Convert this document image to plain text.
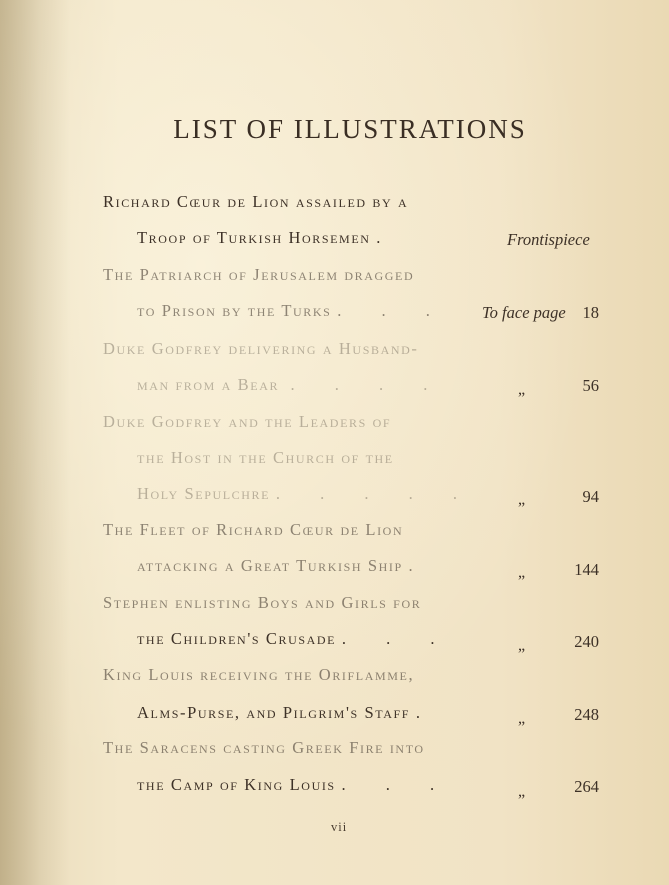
LIST OF ILLUSTRATIONS
Richard Cœur de Lion assailed by a
Troop of Turkish Horsemen .	Frontispiece
The Patriarch of Jerusalem dragged
to Prison by the Turks . . . To face page 18
Duke Godfrey delivering a Husband-
man from a Bear . . . .	„	56
Duke Godfrey and the Leaders of
the Host in the Church of the
Holy Sepulchre . . . . .	„	94
The Fleet of Richard Cœur de Lion
attacking a Great Turkish Ship .	„	144
Stephen enlisting Boys and Girls for
the Children's Crusade . . .	„	240
King Louis receiving the Oriflamme,
Alms-Purse, and Pilgrim's Staff .	„	248
The Saracens casting Greek Fire into
the Camp of King Louis . . .	„	264
vii
